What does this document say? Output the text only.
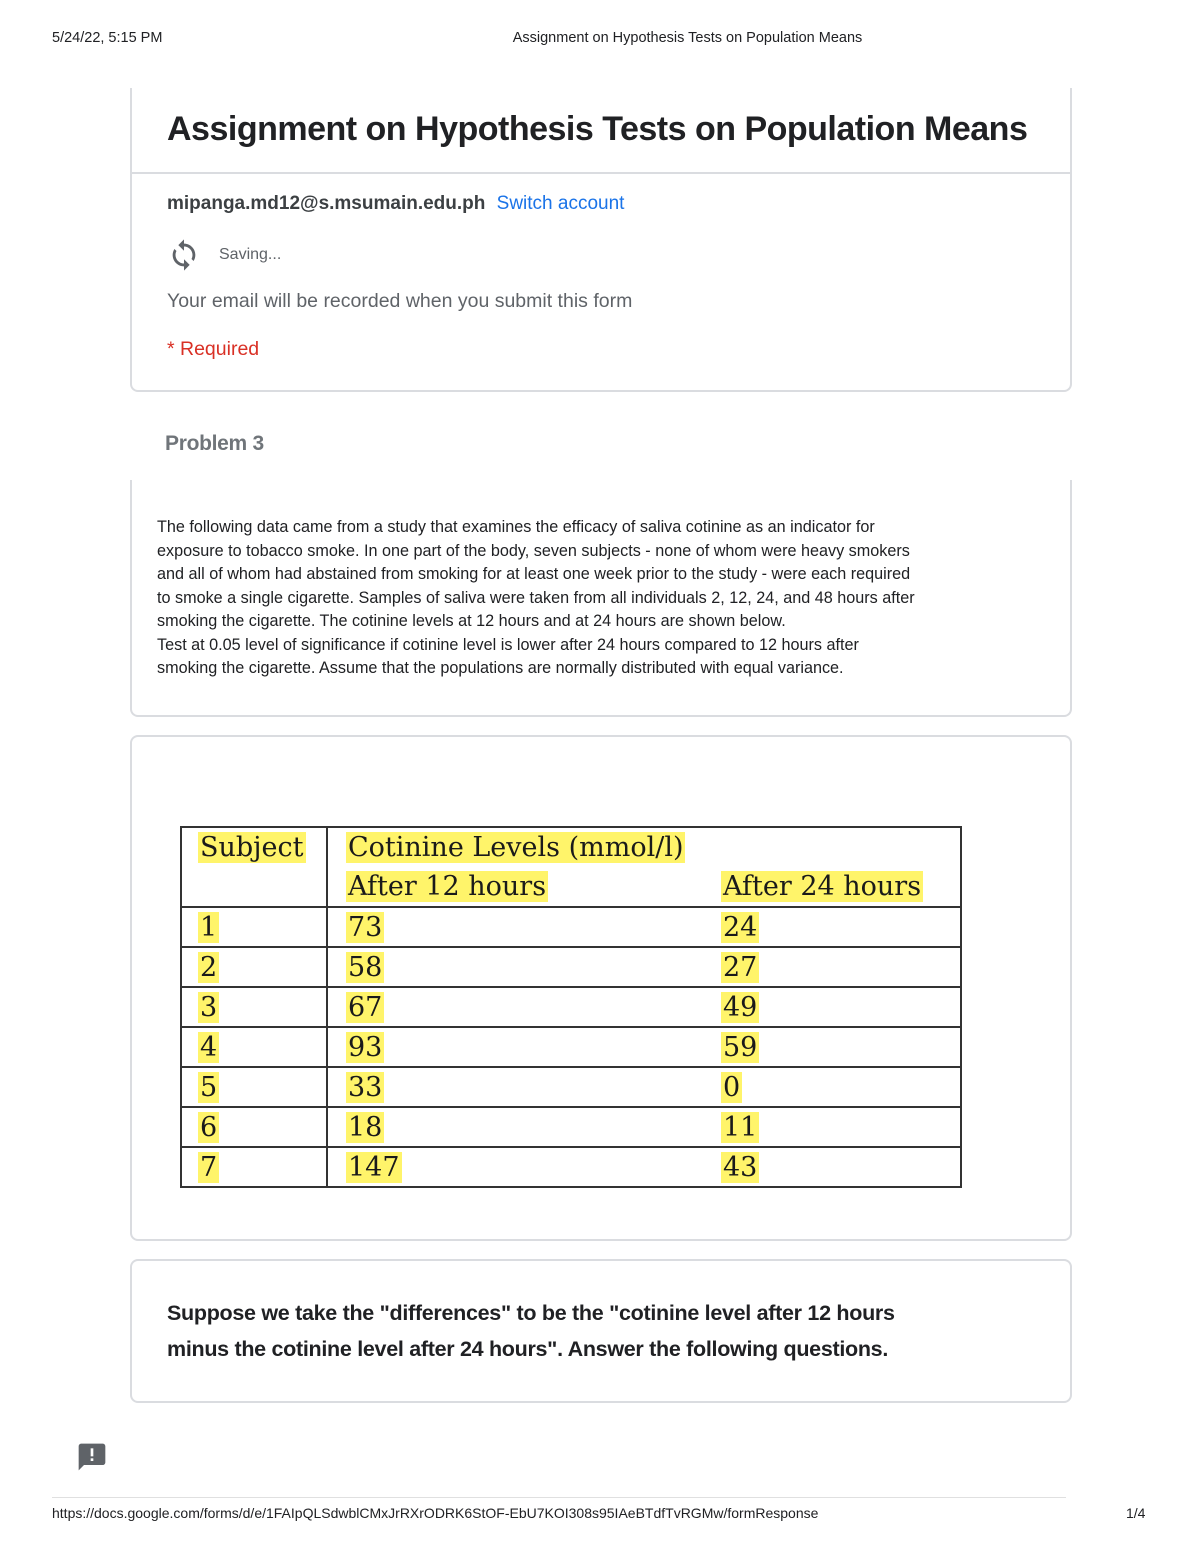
5/24/22, 5:15 PM	Assignment on Hypothesis Tests on Population Means
Assignment on Hypothesis Tests on Population Means
mipanga.md12@s.msumain.edu.ph Switch account
Saving...
Your email will be recorded when you submit this form
* Required
Problem 3
The following data came from a study that examines the efficacy of saliva cotinine as an indicator for
exposure to tobacco smoke. In one part of the body, seven subjects - none of whom were heavy smokers
and all of whom had abstained from smoking for at least one week prior to the study - were each required
to smoke a single cigarette. Samples of saliva were taken from all individuals 2, 12, 24, and 48 hours after
smoking the cigarette. The cotinine levels at 12 hours and at 24 hours are shown below.
Test at 0.05 level of significance if cotinine level is lower after 24 hours compared to 12 hours after
smoking the cigarette. Assume that the populations are normally distributed with equal variance.
Subject	Cotinine Levels (mmol/l)

	After 12 hours After 24 hours

1	73 24

2	58 27

3	67 49

4	93 59

5	33 0

6	18 11

7	147 43
Suppose we take the "differences" to be the "cotinine level after 12 hours
minus the cotinine level after 24 hours". Answer the following questions.
https://docs.google.com/forms/d/e/1FAIpQLSdwblCMxJrRXrODRK6StOF-EbU7KOI308s95IAeBTdfTvRGMw/formResponse	1/4
